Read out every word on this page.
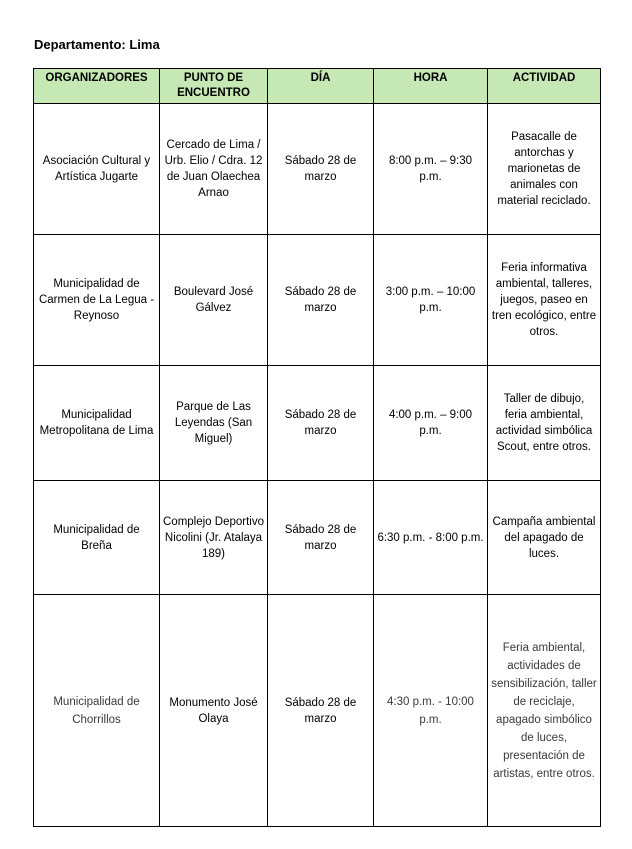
Departamento: Lima
ORGANIZADORES	PUNTO DE ENCUENTRO	DÍA	HORA	ACTIVIDAD
Asociación Cultural y Artística Jugarte	Cercado de Lima / Urb. Elio / Cdra. 12 de Juan Olaechea Arnao	Sábado 28 de marzo	8:00 p.m. – 9:30 p.m.	Pasacalle de antorchas y marionetas de animales con material reciclado.
Municipalidad de Carmen de La Legua - Reynoso	Boulevard José Gálvez	Sábado 28 de marzo	3:00 p.m. – 10:00 p.m.	Feria informativa ambiental, talleres, juegos, paseo en tren ecológico, entre otros.
Municipalidad Metropolitana de Lima	Parque de Las Leyendas (San Miguel)	Sábado 28 de marzo	4:00 p.m. – 9:00 p.m.	Taller de dibujo, feria ambiental, actividad simbólica Scout, entre otros.
Municipalidad de Breña	Complejo Deportivo Nicolini (Jr. Atalaya 189)	Sábado 28 de marzo	6:30 p.m. - 8:00 p.m.	Campaña ambiental del apagado de luces.
Municipalidad de Chorrillos	Monumento José Olaya	Sábado 28 de marzo	4:30 p.m. - 10:00 p.m.	Feria ambiental, actividades de sensibilización, taller de reciclaje, apagado simbólico de luces, presentación de artistas, entre otros.
